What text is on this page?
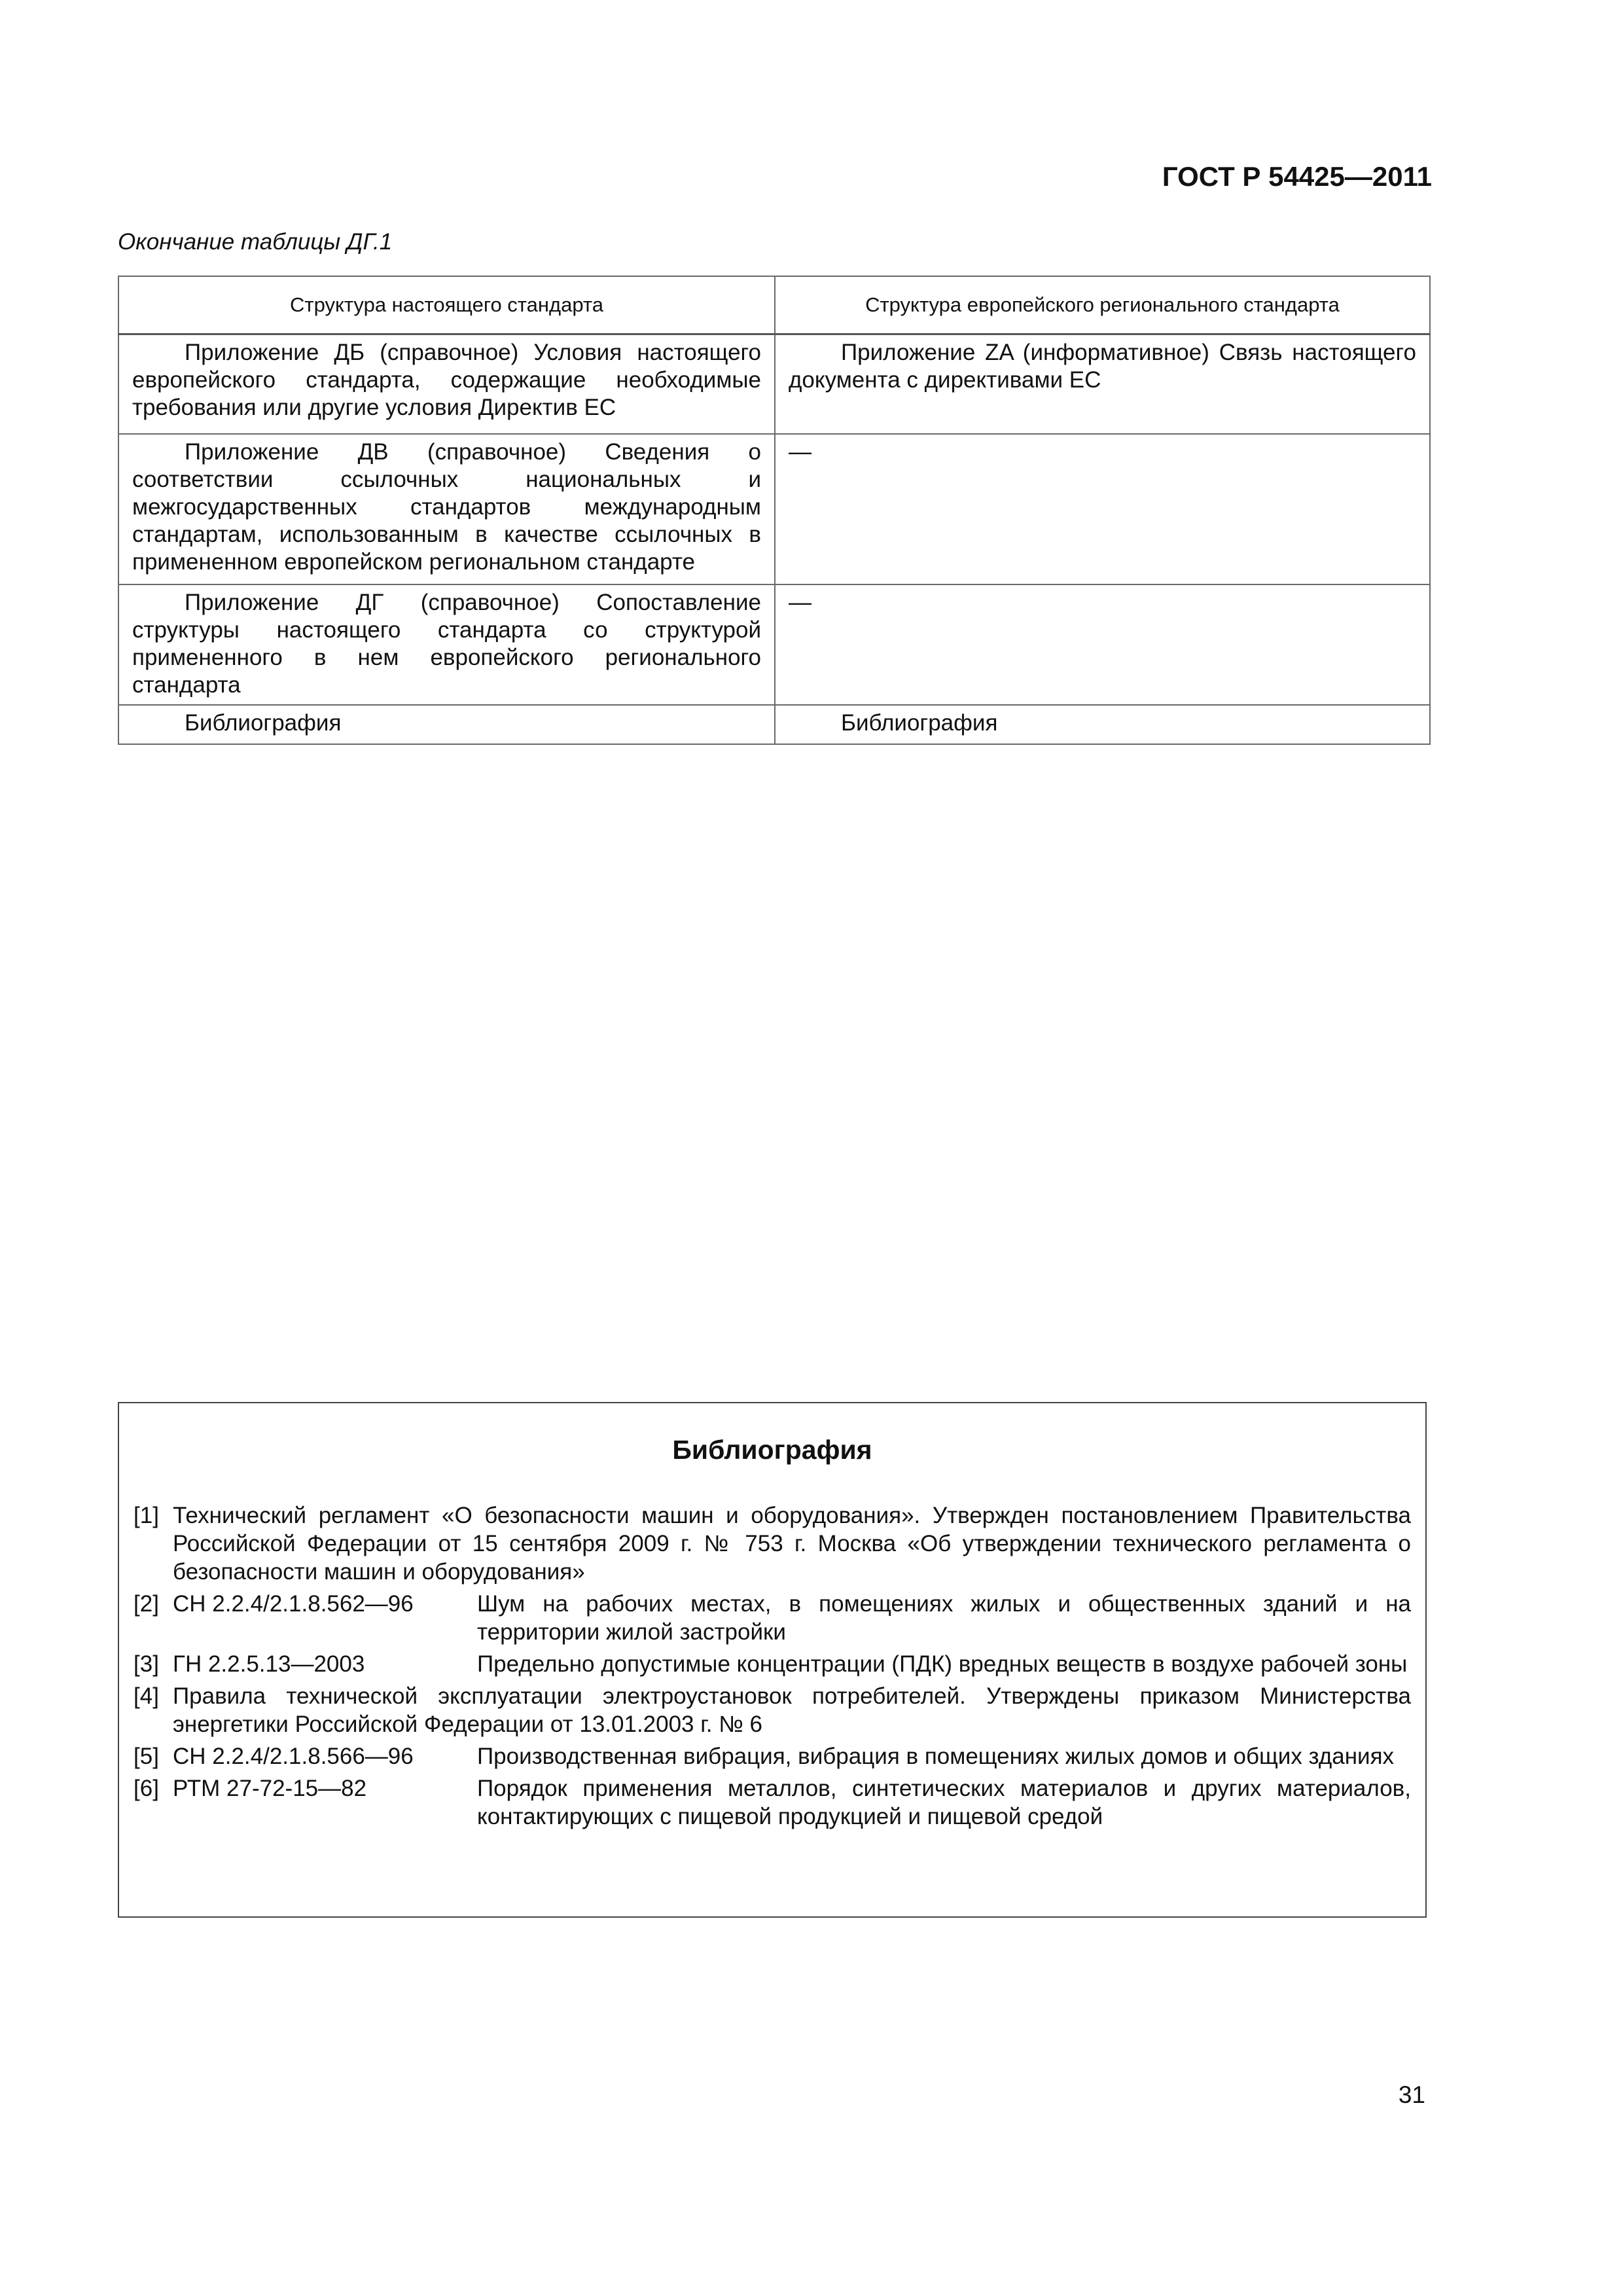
ГОСТ Р 54425—2011

Окончание таблицы ДГ.1

Структура настоящего стандарта	Структура европейского регионального стандарта

Приложение ДБ (справочное) Условия настоящего европейского стандарта, содержащие необходимые требования или другие условия Директив ЕС	Приложение ZA (информативное) Связь настоящего документа с директивами ЕС

Приложение ДВ (справочное) Сведения о соответствии ссылочных национальных и межгосударственных стандартов международным стандартам, использованным в качестве ссылочных в примененном европейском региональном стандарте	—

Приложение ДГ (справочное) Сопоставление структуры настоящего стандарта со структурой примененного в нем европейского регионального стандарта	—

Библиография	Библиография

Библиография
[1] Технический регламент «О безопасности машин и оборудования». Утвержден постановлением Правительства Российской Федерации от 15 сентября 2009 г. № 753 г. Москва «Об утверждении технического регламента о безопасности машин и оборудования»
[2] СН 2.2.4/2.1.8.562—96	Шум на рабочих местах, в помещениях жилых и общественных зданий и на территории жилой застройки
[3] ГН 2.2.5.13—2003	Предельно допустимые концентрации (ПДК) вредных веществ в воздухе рабочей зоны
[4] Правила технической эксплуатации электроустановок потребителей. Утверждены приказом Министерства энергетики Российской Федерации от 13.01.2003 г. № 6
[5] СН 2.2.4/2.1.8.566—96	Производственная вибрация, вибрация в помещениях жилых домов и общих зданиях
[6] РТМ 27-72-15—82	Порядок применения металлов, синтетических материалов и других материалов, контактирующих с пищевой продукцией и пищевой средой

31
